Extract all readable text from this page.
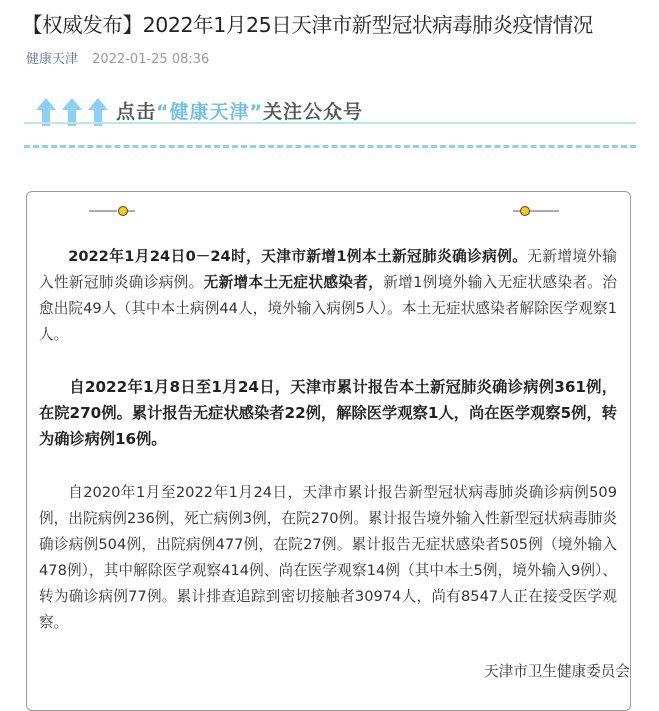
【权威发布】2022年1月25日天津市新型冠状病毒肺炎疫情情况
健康天津 2022-01-25 08:36
点击“健康天津”关注公众号
2022年1月24日0－24时，天津市新增1例本土新冠肺炎确诊病例。无新增境外输入性新冠肺炎确诊病例。无新增本土无症状感染者，新增1例境外输入无症状感染者。治愈出院49人（其中本土病例44人，境外输入病例5人）。本土无症状感染者解除医学观察1人。
自2022年1月8日至1月24日，天津市累计报告本土新冠肺炎确诊病例361例，在院270例。累计报告无症状感染者22例，解除医学观察1人，尚在医学观察5例，转为确诊病例16例。
自2020年1月至2022年1月24日，天津市累计报告新型冠状病毒肺炎确诊病例509例，出院病例236例，死亡病例3例，在院270例。累计报告境外输入性新型冠状病毒肺炎确诊病例504例，出院病例477例，在院27例。累计报告无症状感染者505例（境外输入478例），其中解除医学观察414例、尚在医学观察14例（其中本土5例，境外输入9例）、转为确诊病例77例。累计排查追踪到密切接触者30974人，尚有8547人正在接受医学观察。
天津市卫生健康委员会
